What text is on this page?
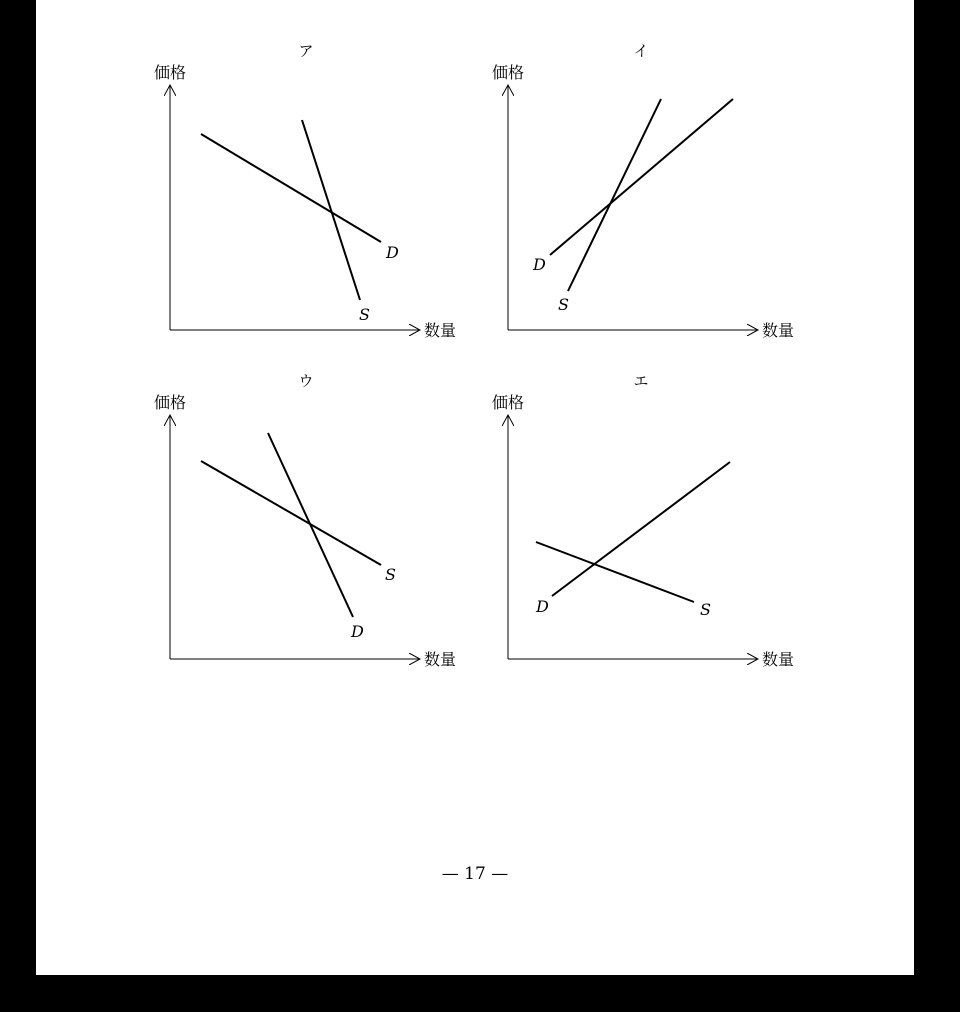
ア
価格
数量
D
S
イ
価格
数量
D
S
ウ
価格
数量
S
D
エ
価格
数量
D	S
— 17 —
